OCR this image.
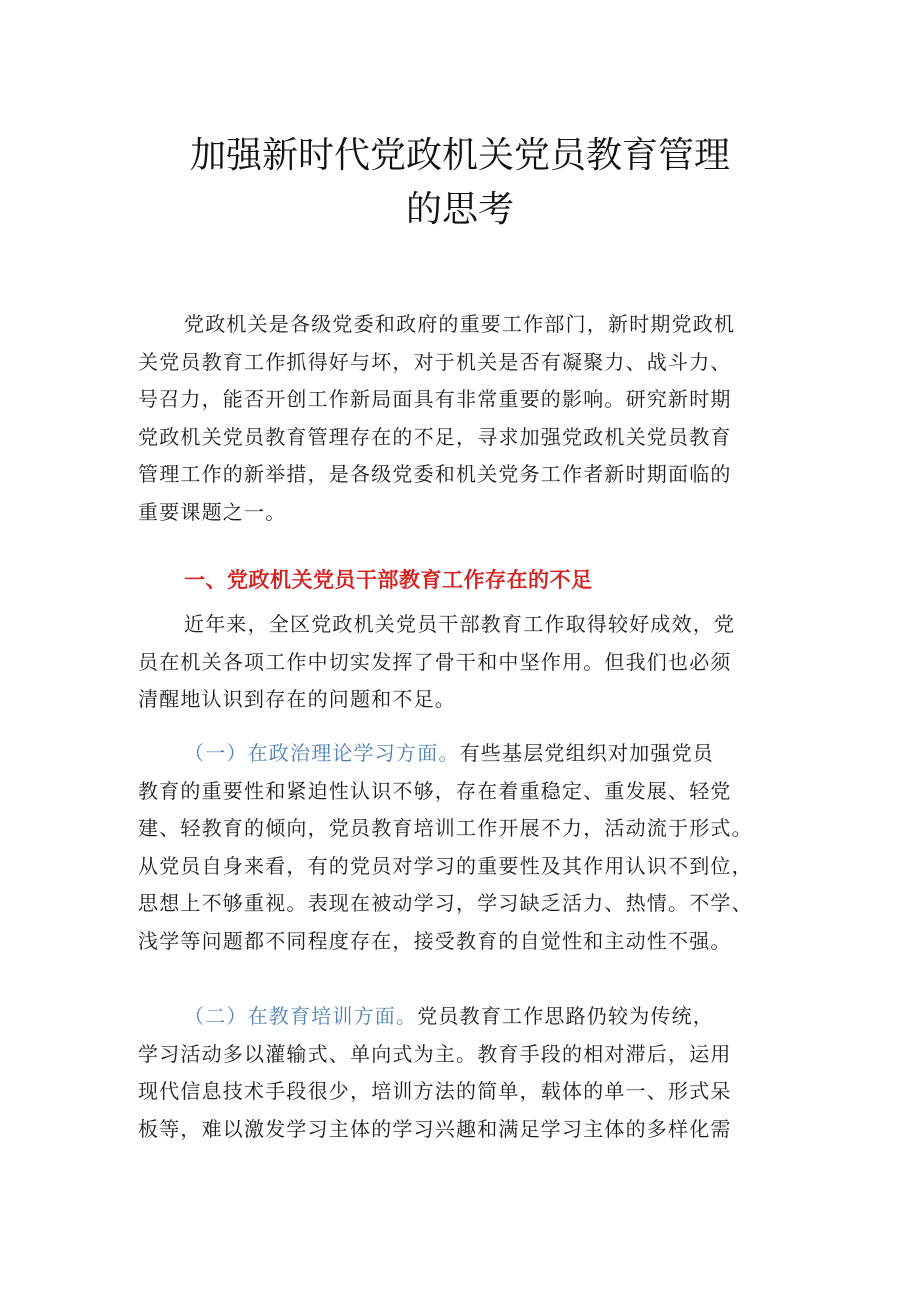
加强新时代党政机关党员教育管理
的思考
党政机关是各级党委和政府的重要工作部门，新时期党政机
关党员教育工作抓得好与坏，对于机关是否有凝聚力、战斗力、
号召力，能否开创工作新局面具有非常重要的影响。研究新时期
党政机关党员教育管理存在的不足，寻求加强党政机关党员教育
管理工作的新举措，是各级党委和机关党务工作者新时期面临的
重要课题之一。
一、党政机关党员干部教育工作存在的不足
近年来，全区党政机关党员干部教育工作取得较好成效，党
员在机关各项工作中切实发挥了骨干和中坚作用。但我们也必须
清醒地认识到存在的问题和不足。
（一）在政治理论学习方面。有些基层党组织对加强党员
教育的重要性和紧迫性认识不够，存在着重稳定、重发展、轻党
建、轻教育的倾向，党员教育培训工作开展不力，活动流于形式。
从党员自身来看，有的党员对学习的重要性及其作用认识不到位，
思想上不够重视。表现在被动学习，学习缺乏活力、热情。不学、
浅学等问题都不同程度存在，接受教育的自觉性和主动性不强。
（二）在教育培训方面。党员教育工作思路仍较为传统，
学习活动多以灌输式、单向式为主。教育手段的相对滞后，运用
现代信息技术手段很少，培训方法的简单，载体的单一、形式呆
板等，难以激发学习主体的学习兴趣和满足学习主体的多样化需
